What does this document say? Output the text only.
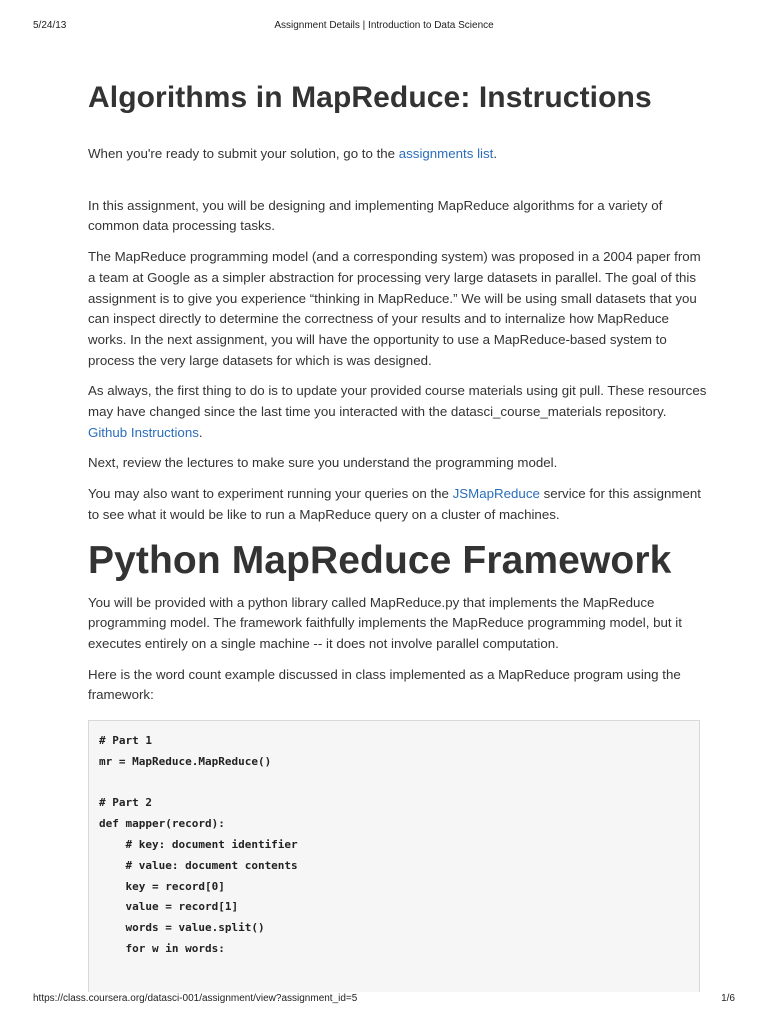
5/24/13	Assignment Details | Introduction to Data Science
Algorithms in MapReduce: Instructions

When you're ready to submit your solution, go to the assignments list.

In this assignment, you will be designing and implementing MapReduce algorithms for a variety of common data processing tasks.

The MapReduce programming model (and a corresponding system) was proposed in a 2004 paper from a team at Google as a simpler abstraction for processing very large datasets in parallel. The goal of this assignment is to give you experience “thinking in MapReduce.” We will be using small datasets that you can inspect directly to determine the correctness of your results and to internalize how MapReduce works. In the next assignment, you will have the opportunity to use a MapReduce-based system to process the very large datasets for which is was designed.

As always, the first thing to do is to update your provided course materials using git pull. These resources may have changed since the last time you interacted with the datasci_course_materials repository. Github Instructions.

Next, review the lectures to make sure you understand the programming model.

You may also want to experiment running your queries on the JSMapReduce service for this assignment to see what it would be like to run a MapReduce query on a cluster of machines.

Python MapReduce Framework

You will be provided with a python library called MapReduce.py that implements the MapReduce programming model. The framework faithfully implements the MapReduce programming model, but it executes entirely on a single machine -- it does not involve parallel computation.

Here is the word count example discussed in class implemented as a MapReduce program using the framework:

# Part 1
mr = MapReduce.MapReduce()

# Part 2
def mapper(record):
# key: document identifier
# value: document contents
key = record[0]
value = record[1]
words = value.split()
for w in words:
https://class.coursera.org/datasci-001/assignment/view?assignment_id=5	1/6
